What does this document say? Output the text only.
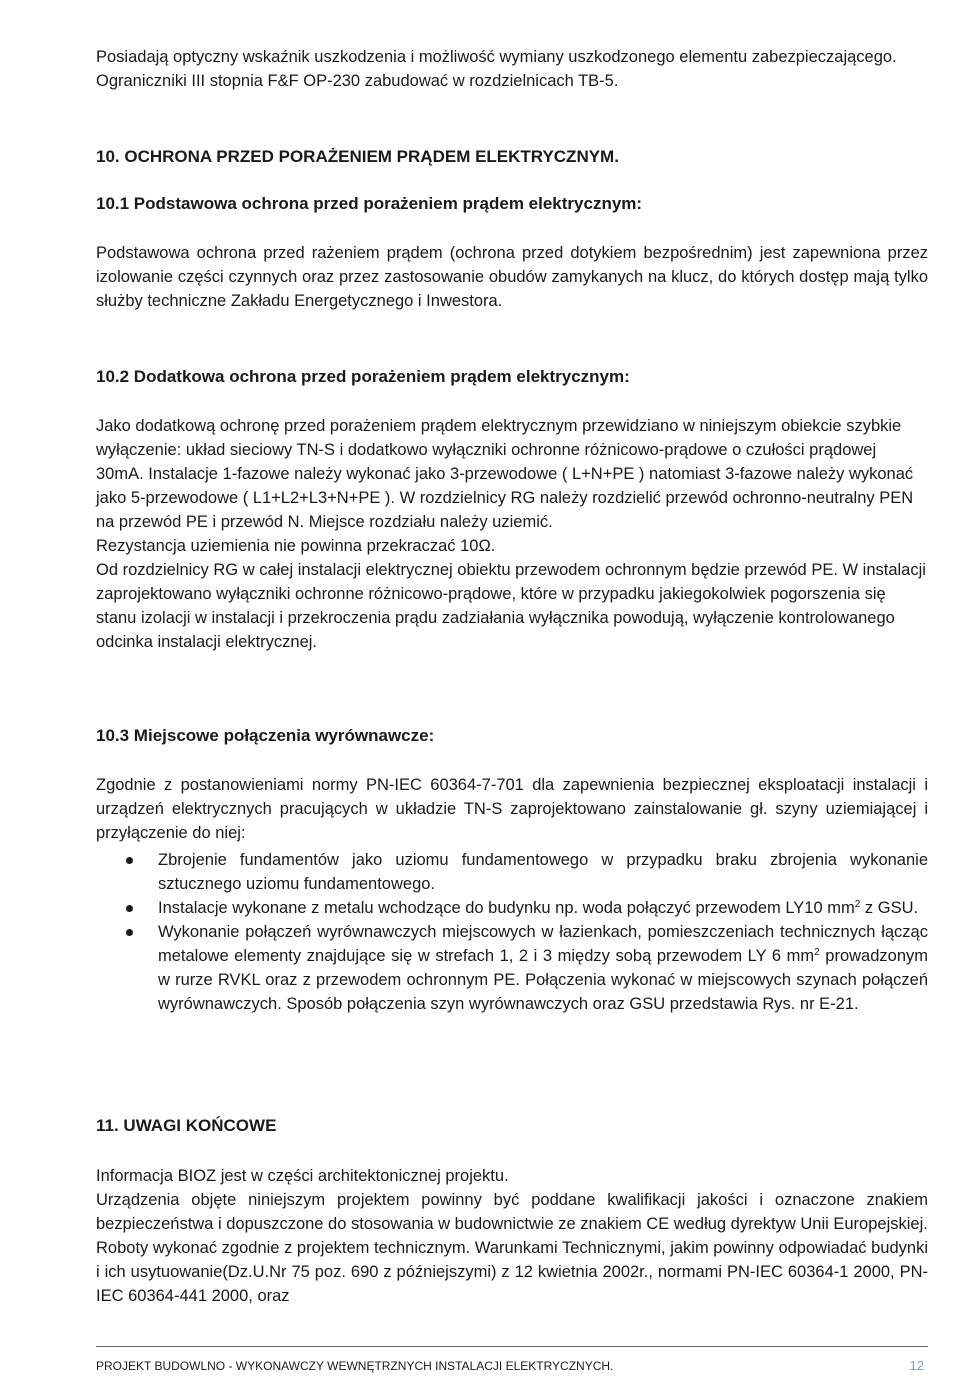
Posiadają optyczny wskaźnik uszkodzenia i możliwość wymiany uszkodzonego elementu zabezpieczającego.

Ograniczniki III stopnia F&F OP-230 zabudować w rozdzielnicach TB-5.

10. OCHRONA PRZED PORAŻENIEM PRĄDEM ELEKTRYCZNYM.
10.1 Podstawowa ochrona przed porażeniem prądem elektrycznym:

Podstawowa ochrona przed rażeniem prądem (ochrona przed dotykiem bezpośrednim) jest zapewniona przez izolowanie części czynnych oraz przez zastosowanie obudów zamykanych na klucz, do których dostęp mają tylko służby techniczne Zakładu Energetycznego i Inwestora.

10.2 Dodatkowa ochrona przed porażeniem prądem elektrycznym:

Jako dodatkową ochronę przed porażeniem prądem elektrycznym przewidziano w niniejszym obiekcie szybkie wyłączenie: układ sieciowy TN-S i dodatkowo wyłączniki ochronne różnicowo-prądowe o czułości prądowej 30mA. Instalacje 1-fazowe należy wykonać jako 3-przewodowe ( L+N+PE ) natomiast 3-fazowe należy wykonać jako 5-przewodowe ( L1+L2+L3+N+PE ). W rozdzielnicy RG należy rozdzielić przewód ochronno-neutralny PEN na przewód PE i przewód N. Miejsce rozdziału należy uziemić.

Rezystancja uziemienia nie powinna przekraczać 10Ω.

Od rozdzielnicy RG w całej instalacji elektrycznej obiektu przewodem ochronnym będzie przewód PE. W instalacji zaprojektowano wyłączniki ochronne różnicowo-prądowe, które w przypadku jakiegokolwiek pogorszenia się stanu izolacji w instalacji i przekroczenia prądu zadziałania wyłącznika powodują, wyłączenie kontrolowanego odcinka instalacji elektrycznej.

10.3 Miejscowe połączenia wyrównawcze:

Zgodnie z postanowieniami normy PN-IEC 60364-7-701 dla zapewnienia bezpiecznej eksploatacji instalacji i urządzeń elektrycznych pracujących w układzie TN-S zaprojektowano zainstalowanie gł. szyny uziemiającej i przyłączenie do niej:

Zbrojenie fundamentów jako uziomu fundamentowego w przypadku braku zbrojenia wykonanie sztucznego uziomu fundamentowego.
Instalacje wykonane z metalu wchodzące do budynku np. woda połączyć przewodem LY10 $mm^2$ z GSU.
Wykonanie połączeń wyrównawczych miejscowych w łazienkach, pomieszczeniach technicznych łącząc metalowe elementy znajdujące się w strefach 1, 2 i 3 między sobą przewodem LY 6 $mm^2$ prowadzonym w rurze RVKL oraz z przewodem ochronnym PE. Połączenia wykonać w miejscowych szynach połączeń wyrównawczych. Sposób połączenia szyn wyrównawczych oraz GSU przedstawia Rys. nr E-21.
11. UWAGI KOŃCOWE

Informacja BIOZ jest w części architektonicznej projektu.

Urządzenia objęte niniejszym projektem powinny być poddane kwalifikacji jakości i oznaczone znakiem bezpieczeństwa i dopuszczone do stosowania w budownictwie ze znakiem CE według dyrektyw Unii Europejskiej.

Roboty wykonać zgodnie z projektem technicznym. Warunkami Technicznymi, jakim powinny odpowiadać budynki i ich usytuowanie(Dz.U.Nr 75 poz. 690 z późniejszymi) z 12 kwietnia 2002r., normami PN-IEC 60364-1 2000, PN-IEC 60364-441 2000, oraz

PROJEKT BUDOWLNO - WYKONAWCZY WEWNĘTRZNYCH INSTALACJI ELEKTRYCZNYCH.	12
